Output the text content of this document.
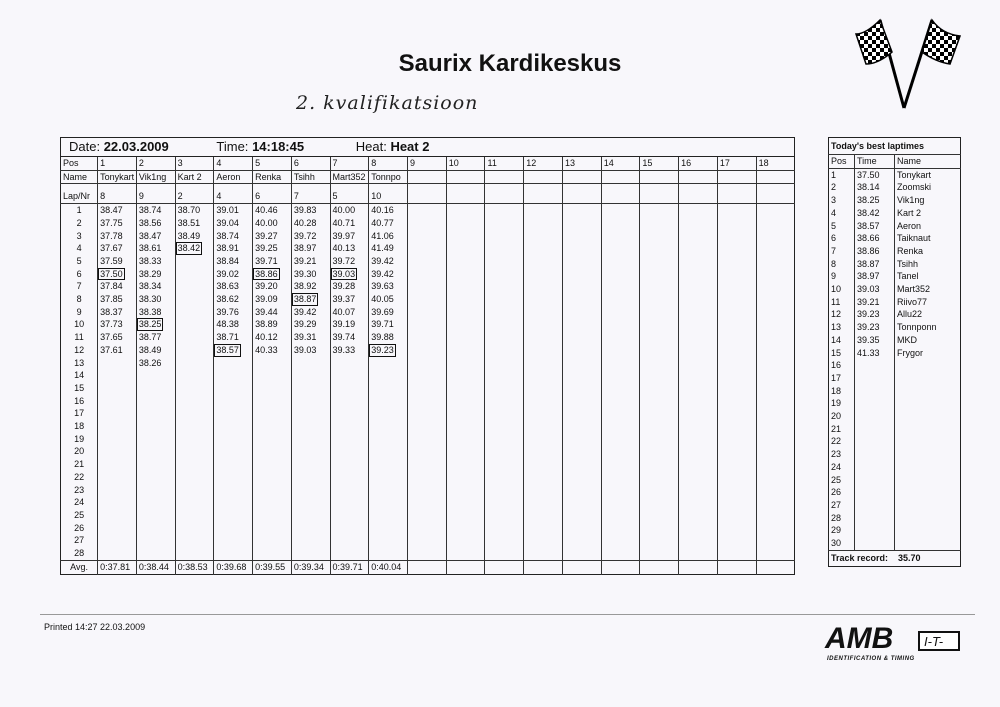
Saurix Kardikeskus
2. kvalifikatsioon
Date: 22.03.2009 Time: 14:18:45 Heat: Heat 2																		
Pos	1	2	3	4	5	6	7	8	9	10	11	12	13	14	15	16	17	18
Name	Tonykart	Vik1ng	Kart 2	Aeron	Renka	Tsihh	Mart352	Tonnpo										

Lap/Nr	8	9	2	4	6	7	5	10										
1	38.47	38.74	38.70	39.01	40.46	39.83	40.00	40.16										
2	37.75	38.56	38.51	39.04	40.00	40.28	40.71	40.77										
3	37.78	38.47	38.49	38.74	39.27	39.72	39.97	41.06										
4	37.67	38.61	38.42	38.91	39.25	38.97	40.13	41.49										
5	37.59	38.33		38.84	39.71	39.21	39.72	39.42										
6	37.50	38.29		39.02	38.86	39.30	39.03	39.42										
7	37.84	38.34		38.63	39.20	38.92	39.28	39.63										
8	37.85	38.30		38.62	39.09	38.87	39.37	40.05										
9	38.37	38.38		39.76	39.44	39.42	40.07	39.69										
10	37.73	38.25		48.38	38.89	39.29	39.19	39.71										
11	37.65	38.77		38.71	40.12	39.31	39.74	39.88										
12	37.61	38.49		38.57	40.33	39.03	39.33	39.23										
13		38.26																
14																		
15																		
16																		
17																		
18																		
19																		
20																		
21																		
22																		
23																		
24																		
25																		
26																		
27																		
28																		
Avg.	0:37.81	0:38.44	0:38.53	0:39.68	0:39.55	0:39.34	0:39.71	0:40.04										
Today's best laptimes		
Pos	Time	Name
1	37.50	Tonykart
2	38.14	Zoomski
3	38.25	Vik1ng
4	38.42	Kart 2
5	38.57	Aeron
6	38.66	Taiknaut
7	38.86	Renka
8	38.87	Tsihh
9	38.97	Tanel
10	39.03	Mart352
11	39.21	Riivo77
12	39.23	Allu22
13	39.23	Tonnponn
14	39.35	MKD
15	41.33	Frygor
16		
17		
18		
19		
20		
21		
22		
23		
24		
25		
26		
27		
28		
29		
30		
Track record: 35.70		
Printed 14:27 22.03.2009	AMB I-T-
IDENTIFICATION & TIMING
